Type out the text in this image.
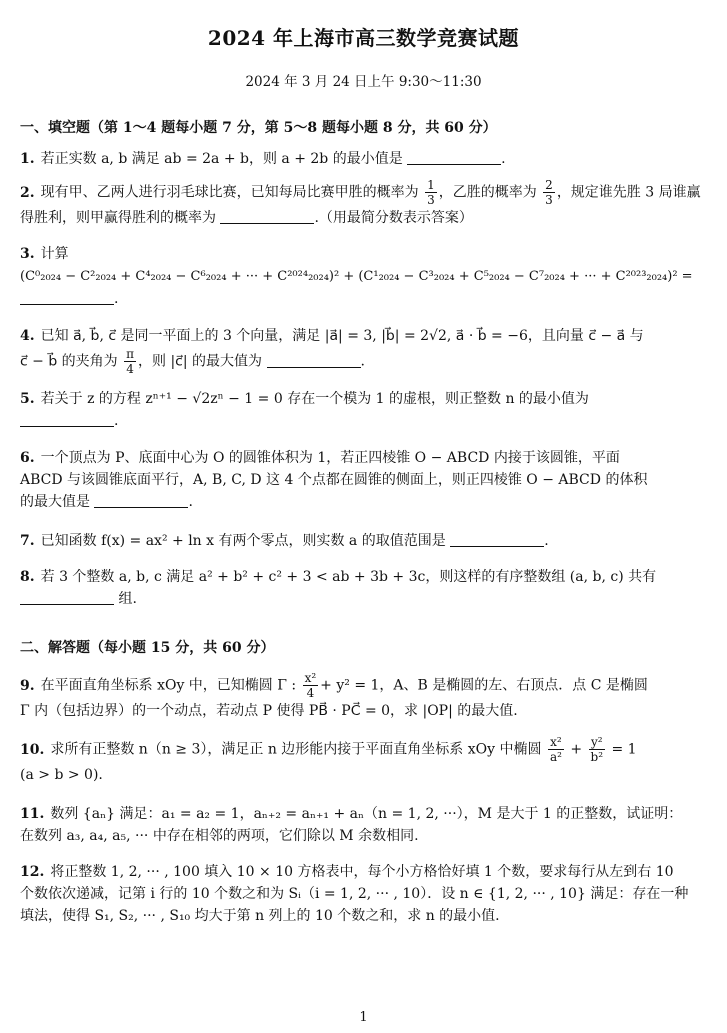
2024 年上海市高三数学竞赛试题
2024 年 3 月 24 日上午 9:30～11:30
一、填空题（第 1～4 题每小题 7 分，第 5～8 题每小题 8 分，共 60 分）
1. 若正实数 a, b 满足 ab = 2a + b，则 a + 2b 的最小值是	.
2. 现有甲、乙两人进行羽毛球比赛，已知每局比赛甲胜的概率为 $\frac{1}{3}$ ，乙胜的概率为 $\frac{2}{3}$ ，规定谁先胜 3 局谁赢得胜利，则甲赢得胜利的概率为	.（用最简分数表示答案）
3. 计算
(C⁰₂₀₂₄ − C²₂₀₂₄ + C⁴₂₀₂₄ − C⁶₂₀₂₄ + ··· + C²⁰²⁴₂₀₂₄)² + (C¹₂₀₂₄ − C³₂₀₂₄ + C⁵₂₀₂₄ − C⁷₂₀₂₄ + ··· + C²⁰²³₂₀₂₄)² =
.
4. 已知 a⃗, b⃗, c⃗ 是同一平面上的 3 个向量，满足 |a⃗| = 3, |b⃗| = 2√2, a⃗ · b⃗ = −6，且向量 c⃗ − a⃗ 与
c⃗ − b⃗ 的夹角为 $\frac{\pi}{4}$ ，则 |c⃗| 的最大值为	.
5. 若关于 z 的方程 zⁿ⁺¹ − √2zⁿ − 1 = 0 存在一个模为 1 的虚根，则正整数 n 的最小值为
.
6. 一个顶点为 P、底面中心为 O 的圆锥体积为 1，若正四棱锥 O − ABCD 内接于该圆锥，平面
ABCD 与该圆锥底面平行，A, B, C, D 这 4 个点都在圆锥的侧面上，则正四棱锥 O − ABCD 的体积
的最大值是	.
7. 已知函数 f(x) = ax² + ln x 有两个零点，则实数 a 的取值范围是	.
8. 若 3 个整数 a, b, c 满足 a² + b² + c² + 3 < ab + 3b + 3c，则这样的有序整数组 (a, b, c) 共有
组.
二、解答题（每小题 15 分，共 60 分）
9. 在平面直角坐标系 xOy 中，已知椭圆 Γ : $\frac{\text{x²}}{4} + y^2 = 1$，A、B 是椭圆的左、右顶点．点 C 是椭圆
Γ 内（包括边界）的一个动点，若动点 P 使得 PB⃗ · PC⃗ = 0，求 |OP| 的最大值.
10. 求所有正整数 n（n ≥ 3），满足正 n 边形能内接于平面直角坐标系 xOy 中椭圆 $\frac{\text{x²}}{\text{a²}} + \frac{\text{y²}}{\text{b²}} = 1$
(a > b > 0).
11. 数列 {aₙ} 满足：a₁ = a₂ = 1，aₙ₊₂ = aₙ₊₁ + aₙ（n = 1, 2, ···），M 是大于 1 的正整数，试证明：
在数列 a₃, a₄, a₅, ··· 中存在相邻的两项，它们除以 M 余数相同.
12. 将正整数 1, 2, ··· , 100 填入 10 × 10 方格表中，每个小方格恰好填 1 个数，要求每行从左到右 10
个数依次递减，记第 i 行的 10 个数之和为 Sᵢ（i = 1, 2, ··· , 10）．设 n ∈ {1, 2, ··· , 10} 满足：存在一种
填法，使得 S₁, S₂, ··· , S₁₀ 均大于第 n 列上的 10 个数之和，求 n 的最小值.
1
